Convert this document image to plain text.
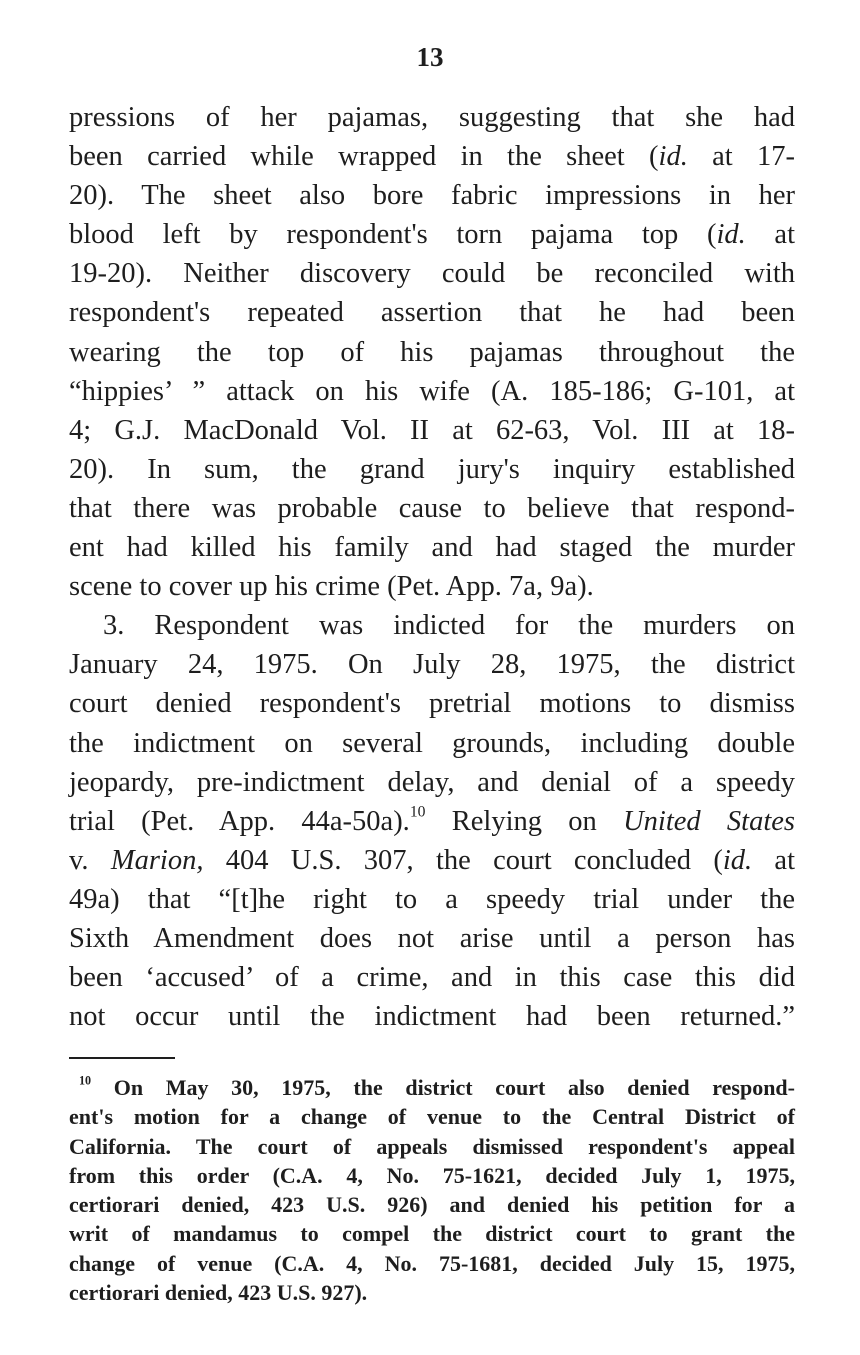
13
pressions of her pajamas, suggesting that she had
been carried while wrapped in the sheet (id. at 17-
20). The sheet also bore fabric impressions in her
blood left by respondent's torn pajama top (id. at
19-20). Neither discovery could be reconciled with
respondent's repeated assertion that he had been
wearing the top of his pajamas throughout the
“hippies’ ” attack on his wife (A. 185-186; G-101, at
4; G.J. MacDonald Vol. II at 62-63, Vol. III at 18-
20). In sum, the grand jury's inquiry established
that there was probable cause to believe that respond-
ent had killed his family and had staged the murder
scene to cover up his crime (Pet. App. 7a, 9a).
3. Respondent was indicted for the murders on
January 24, 1975. On July 28, 1975, the district
court denied respondent's pretrial motions to dismiss
the indictment on several grounds, including double
jeopardy, pre-indictment delay, and denial of a speedy
trial (Pet. App. 44a-50a).$^{10}$ Relying on United States
v. Marion, 404 U.S. 307, the court concluded (id. at
49a) that “[t]he right to a speedy trial under the
Sixth Amendment does not arise until a person has
been ‘accused’ of a crime, and in this case this did
not occur until the indictment had been returned.”
$^{10}$ On May 30, 1975, the district court also denied respond-
ent's motion for a change of venue to the Central District of
California. The court of appeals dismissed respondent's appeal
from this order (C.A. 4, No. 75-1621, decided July 1, 1975,
certiorari denied, 423 U.S. 926) and denied his petition for a
writ of mandamus to compel the district court to grant the
change of venue (C.A. 4, No. 75-1681, decided July 15, 1975,
certiorari denied, 423 U.S. 927).
